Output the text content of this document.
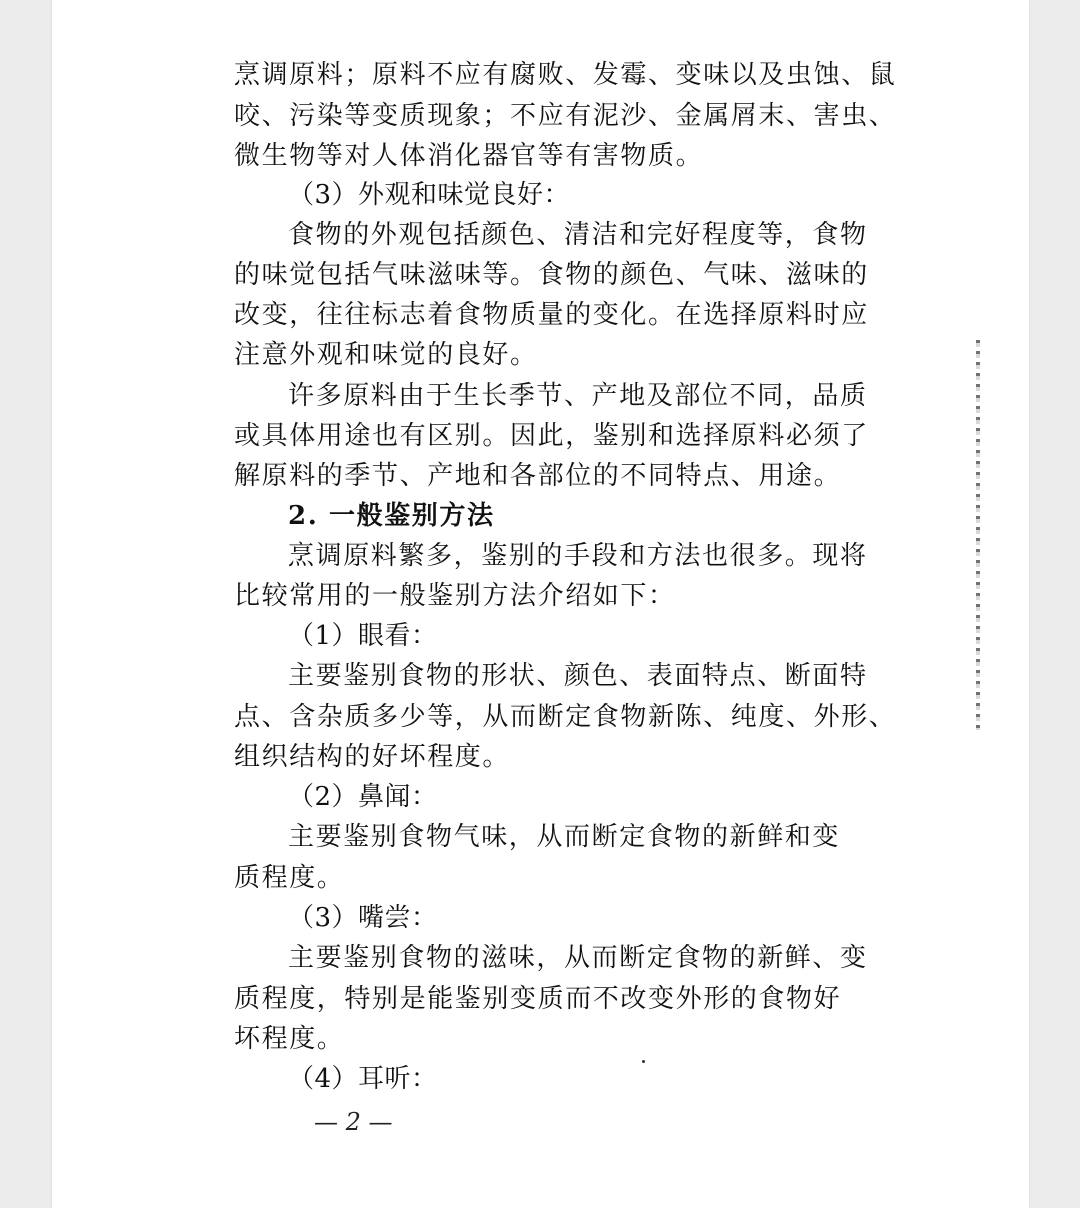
烹调原料；原料不应有腐败、发霉、变味以及虫蚀、鼠
咬、污染等变质现象；不应有泥沙、金属屑末、害虫、
微生物等对人体消化器官等有害物质。
（3）外观和味觉良好：
食物的外观包括颜色、清洁和完好程度等，食物
的味觉包括气味滋味等。食物的颜色、气味、滋味的
改变，往往标志着食物质量的变化。在选择原料时应
注意外观和味觉的良好。
许多原料由于生长季节、产地及部位不同，品质
或具体用途也有区别。因此，鉴别和选择原料必须了
解原料的季节、产地和各部位的不同特点、用途。
2. 一般鉴别方法
烹调原料繁多，鉴别的手段和方法也很多。现将
比较常用的一般鉴别方法介绍如下：
（1）眼看：
主要鉴别食物的形状、颜色、表面特点、断面特
点、含杂质多少等，从而断定食物新陈、纯度、外形、
组织结构的好坏程度。
（2）鼻闻：
主要鉴别食物气味，从而断定食物的新鲜和变
质程度。
（3）嘴尝：
主要鉴别食物的滋味，从而断定食物的新鲜、变
质程度，特别是能鉴别变质而不改变外形的食物好
坏程度。
（4）耳听：
— 2 —
